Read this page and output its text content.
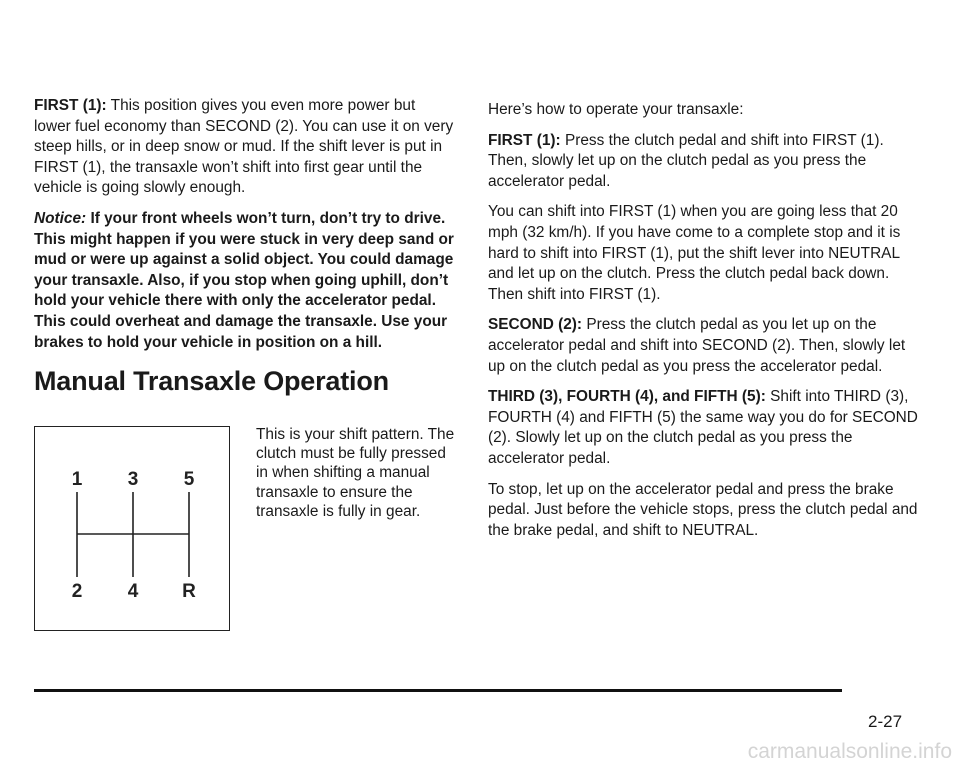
FIRST (1): This position gives you even more power but lower fuel economy than SECOND (2). You can use it on very steep hills, or in deep snow or mud. If the shift lever is put in FIRST (1), the transaxle won’t shift into first gear until the vehicle is going slowly enough.

Notice: If your front wheels won’t turn, don’t try to drive. This might happen if you were stuck in very deep sand or mud or were up against a solid object. You could damage your transaxle. Also, if you stop when going uphill, don’t hold your vehicle there with only the accelerator pedal. This could overheat and damage the transaxle. Use your brakes to hold your vehicle in position on a hill.

Manual Transaxle Operation
1 3 5
2 4 R

This is your shift pattern. The clutch must be fully pressed in when shifting a manual transaxle to ensure the transaxle is fully in gear.

Here’s how to operate your transaxle:

FIRST (1): Press the clutch pedal and shift into FIRST (1). Then, slowly let up on the clutch pedal as you press the accelerator pedal.

You can shift into FIRST (1) when you are going less that 20 mph (32 km/h). If you have come to a complete stop and it is hard to shift into FIRST (1), put the shift lever into NEUTRAL and let up on the clutch. Press the clutch pedal back down. Then shift into FIRST (1).

SECOND (2): Press the clutch pedal as you let up on the accelerator pedal and shift into SECOND (2). Then, slowly let up on the clutch pedal as you press the accelerator pedal.

THIRD (3), FOURTH (4), and FIFTH (5): Shift into THIRD (3), FOURTH (4) and FIFTH (5) the same way you do for SECOND (2). Slowly let up on the clutch pedal as you press the accelerator pedal.

To stop, let up on the accelerator pedal and press the brake pedal. Just before the vehicle stops, press the clutch pedal and the brake pedal, and shift to NEUTRAL.

2-27
carmanualsonline.info
